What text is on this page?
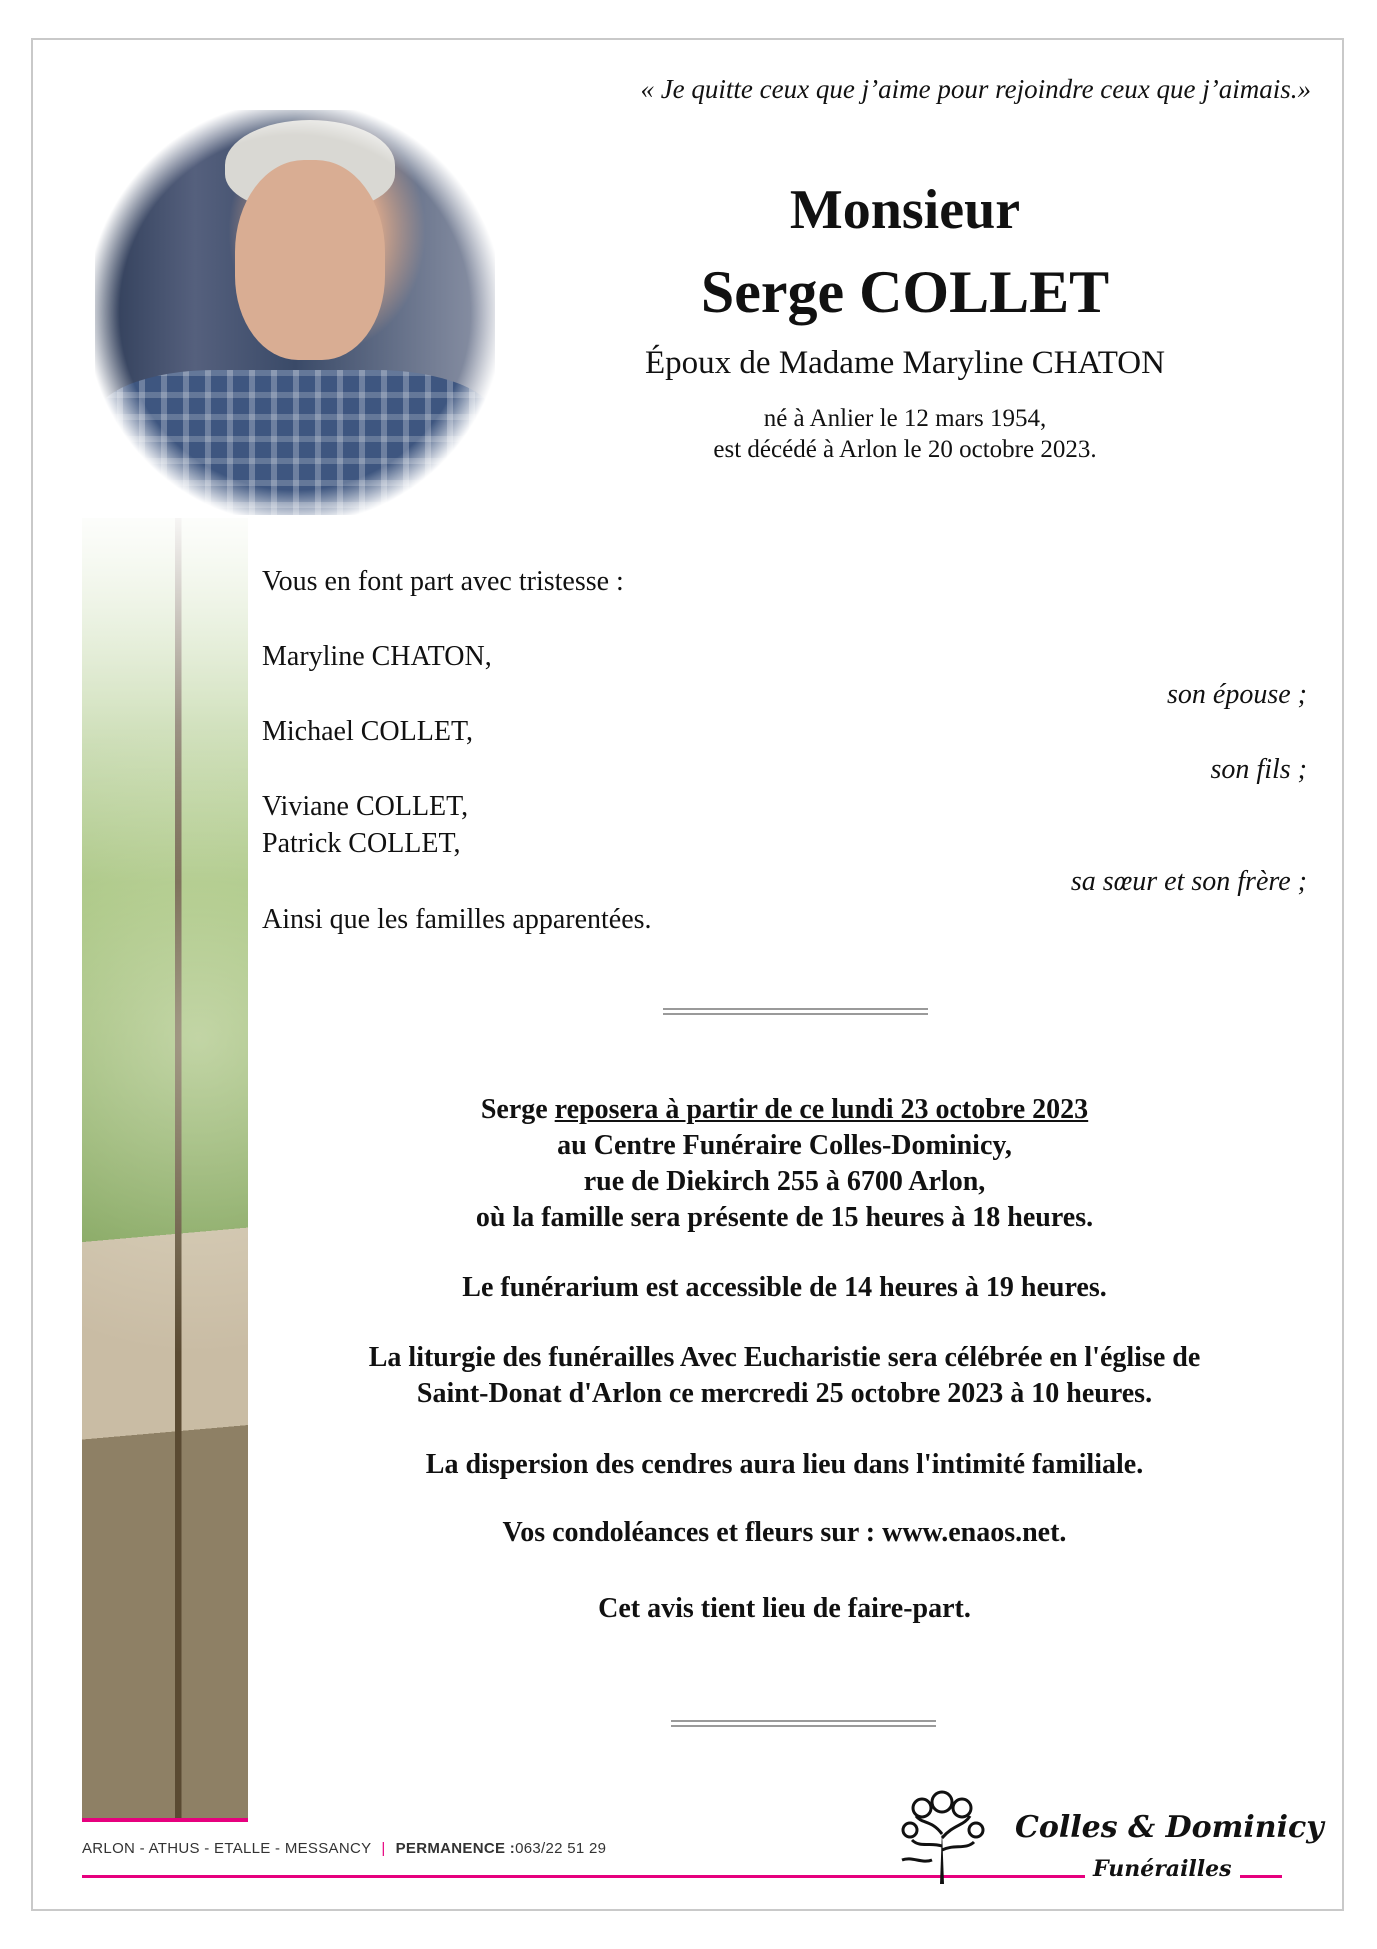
« Je quitte ceux que j’aime pour rejoindre ceux que j’aimais.»
Monsieur
Serge COLLET
Époux de Madame Maryline CHATON
né à Anlier le 12 mars 1954,
est décédé à Arlon le 20 octobre 2023.
Vous en font part avec tristesse :
Maryline CHATON,
son épouse ;
Michael COLLET,
son fils ;
Viviane COLLET,
Patrick COLLET,
sa sœur et son frère ;
Ainsi que les familles apparentées.
Serge reposera à partir de ce lundi 23 octobre 2023
au Centre Funéraire Colles-Dominicy,
rue de Diekirch 255 à 6700 Arlon,
où la famille sera présente de 15 heures à 18 heures.
Le funérarium est accessible de 14 heures à 19 heures.
La liturgie des funérailles Avec Eucharistie sera célébrée en l'église de
Saint-Donat d'Arlon ce mercredi 25 octobre 2023 à 10 heures.
La dispersion des cendres aura lieu dans l'intimité familiale.
Vos condoléances et fleurs sur : www.enaos.net.
Cet avis tient lieu de faire-part.
ARLON - ATHUS - ETALLE - MESSANCY | PERMANENCE :063/22 51 29
Colles & Dominicy
Funérailles
